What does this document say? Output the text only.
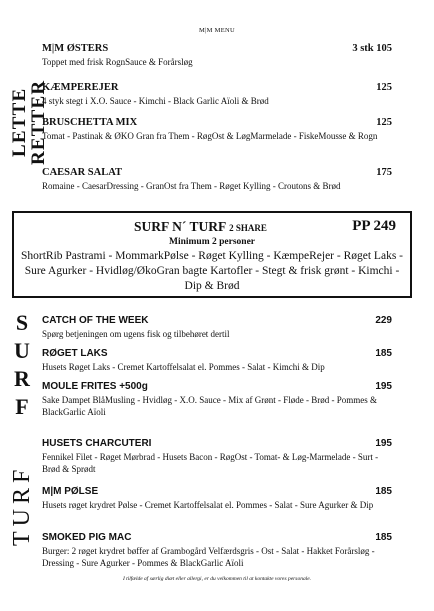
M|M MENU
LETTE RETTER
M|M ØSTERS	3 stk 105
Toppet med frisk RognSauce & Forårsløg
KÆMPEREJER	125
4 styk stegt i X.O. Sauce - Kimchi - Black Garlic Aïoli & Brød
BRUSCHETTA MIX	125
Tomat - Pastinak & ØKO Gran fra Them - RøgOst & LøgMarmelade - FiskeMousse & Rogn
CAESAR SALAT	175
Romaine - CaesarDressing - GranOst fra Them - Røget Kylling - Croutons & Brød
SURF N´ TURF 2 SHARE	PP 249
Minimum 2 personer
ShortRib Pastrami - MommarkPølse - Røget Kylling - KæmpeRejer - Røget Laks - Sure Agurker - Hvidløg/ØkoGran bagte Kartofler - Stegt & frisk grønt - Kimchi - Dip & Brød
S
U
R
F
CATCH OF THE WEEK	229
Spørg betjeningen om ugens fisk og tilbehøret dertil
RØGET LAKS	185
Husets Røget Laks - Cremet Kartoffelsalat el. Pommes - Salat - Kimchi & Dip
MOULE FRITES +500g	195
Sake Dampet BlåMusling - Hvidløg - X.O. Sauce - Mix af Grønt - Fløde - Brød - Pommes & BlackGarlic Aïoli
TURF
HUSETS CHARCUTERI	195
Fennikel Filet - Røget Mørbrad - Husets Bacon - RøgOst - Tomat- & Løg-Marmelade - Surt - Brød & Sprødt
M|M PØLSE	185
Husets røget krydret Pølse - Cremet Kartoffelsalat el. Pommes - Salat - Sure Agurker & Dip
SMOKED PIG MAC	185
Burger: 2 røget krydret bøffer af Grambogård Velfærdsgris - Ost - Salat - Hakket Forårsløg - Dressing - Sure Agurker - Pommes & BlackGarlic Aïoli
I tilfælde af særlig diæt eller allergi, er du velkommen til at kontakte vores personale.
